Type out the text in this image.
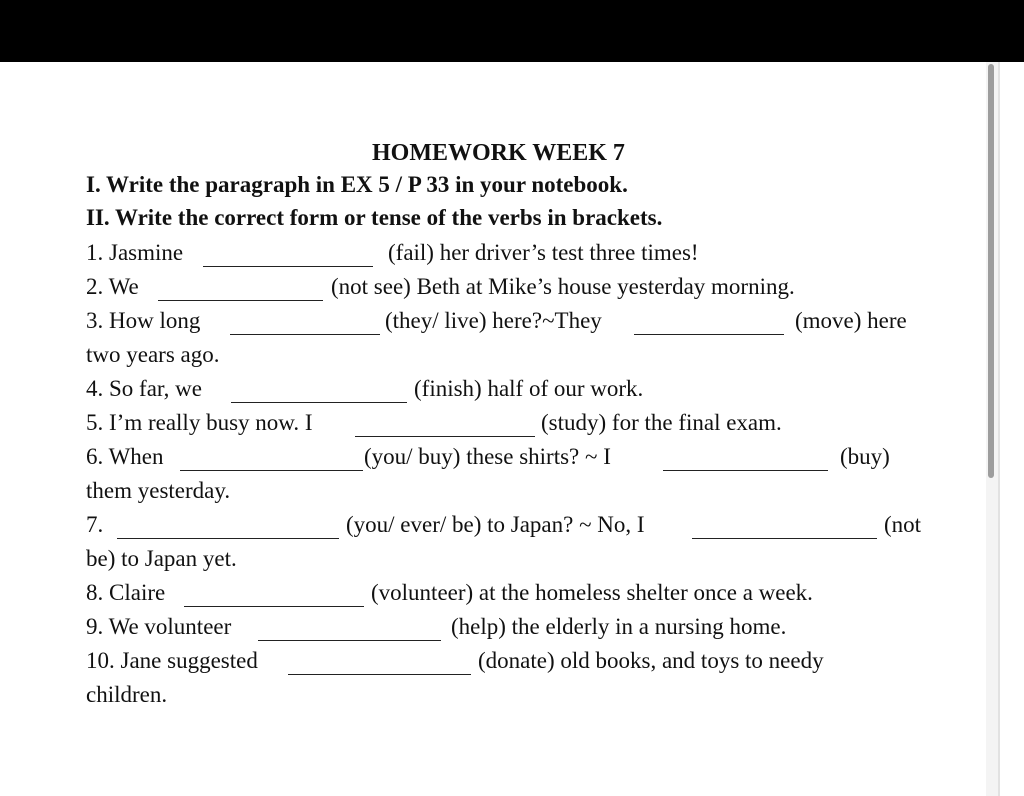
HOMEWORK WEEK 7
I. Write the paragraph in EX 5 / P 33 in your notebook.
II. Write the correct form or tense of the verbs in brackets.
1. Jasmine	(fail) her driver’s test three times!
2. We	(not see) Beth at Mike’s house yesterday morning.
3. How long	(they/ live) here?~They	(move) here
two years ago.
4. So far, we	(finish) half of our work.
5. I’m really busy now. I	(study) for the final exam.
6. When	(you/ buy) these shirts? ~ I	(buy)
them yesterday.
7.	(you/ ever/ be) to Japan? ~ No, I	(not
be) to Japan yet.
8. Claire	(volunteer) at the homeless shelter once a week.
9. We volunteer	(help) the elderly in a nursing home.
10. Jane suggested	(donate) old books, and toys to needy
children.
